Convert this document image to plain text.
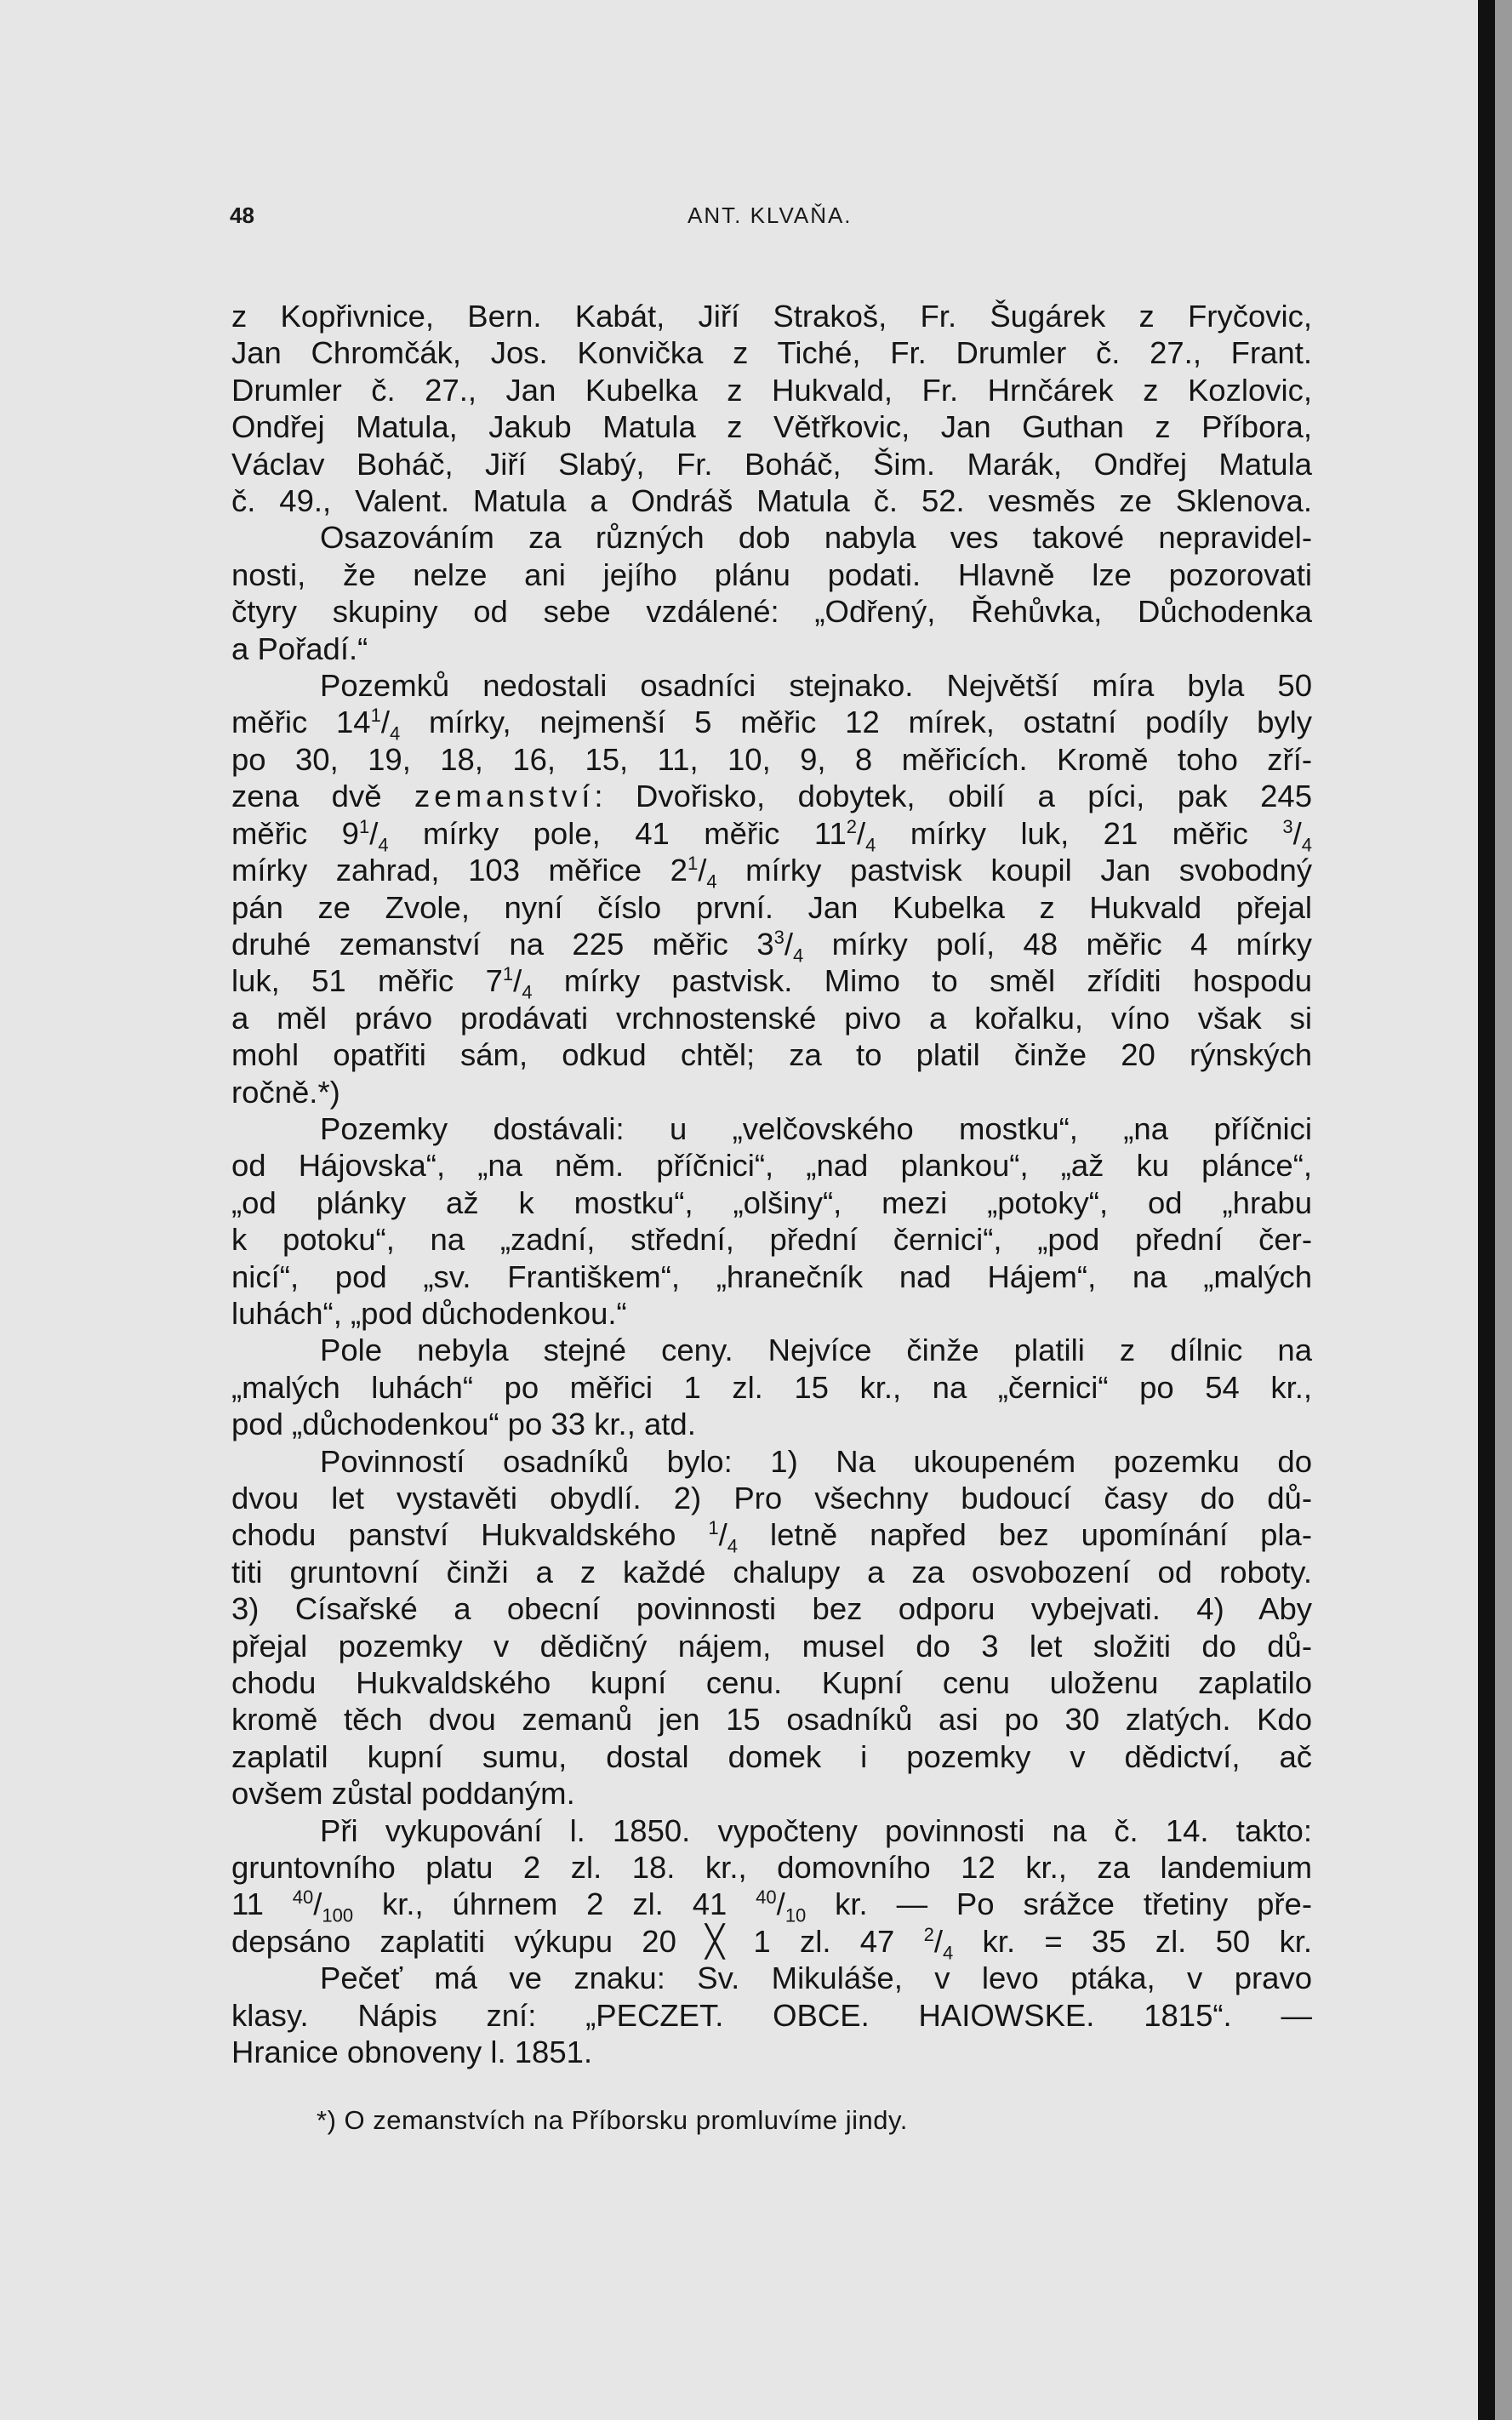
48	ANT. KLVAŇA.

z Kopřivnice, Bern. Kabát, Jiří Strakoš, Fr. Šugárek z Fryčovic,

Jan Chromčák, Jos. Konvička z Tiché, Fr. Drumler č. 27., Frant.

Drumler č. 27., Jan Kubelka z Hukvald, Fr. Hrnčárek z Kozlovic,

Ondřej Matula, Jakub Matula z Větřkovic, Jan Guthan z Příbora,

Václav Boháč, Jiří Slabý, Fr. Boháč, Šim. Marák, Ondřej Matula

č. 49., Valent. Matula a Ondráš Matula č. 52. vesměs ze Sklenova.

Osazováním za různých dob nabyla ves takové nepravidel-

nosti, že nelze ani jejího plánu podati. Hlavně lze pozorovati

čtyry skupiny od sebe vzdálené: „Odřený, Řehůvka, Důchodenka

a Pořadí.“

Pozemků nedostali osadníci stejnako. Největší míra byla 50

měřic $14^1/_4$ mírky, nejmenší 5 měřic 12 mírek, ostatní podíly byly

po 30, 19, 18, 16, 15, 11, 10, 9, 8 měřicích. Kromě toho zří-

zena dvě zemanství: Dvořisko, dobytek, obilí a píci, pak 245

měřic $9^1/_4$ mírky pole, 41 měřic $11^2/_4$ mírky luk, 21 měřic $^3/_4$

mírky zahrad, 103 měřice $2^1/_4$ mírky pastvisk koupil Jan svobodný

pán ze Zvole, nyní číslo první. Jan Kubelka z Hukvald přejal

druhé zemanství na 225 měřic $3^3/_4$ mírky polí, 48 měřic 4 mírky

luk, 51 měřic $7^1/_4$ mírky pastvisk. Mimo to směl zříditi hospodu

a měl právo prodávati vrchnostenské pivo a kořalku, víno však si

mohl opatřiti sám, odkud chtěl; za to platil činže 20 rýnských

ročně.*)

Pozemky dostávali: u „velčovského mostku“, „na příčnici

od Hájovska“, „na něm. příčnici“, „nad plankou“, „až ku plánce“,

„od plánky až k mostku“, „olšiny“, mezi „potoky“, od „hrabu

k potoku“, na „zadní, střední, přední černici“, „pod přední čer-

nicí“, pod „sv. Františkem“, „hranečník nad Hájem“, na „malých

luhách“, „pod důchodenkou.“

Pole nebyla stejné ceny. Nejvíce činže platili z dílnic na

„malých luhách“ po měřici 1 zl. 15 kr., na „černici“ po 54 kr.,

pod „důchodenkou“ po 33 kr., atd.

Povinností osadníků bylo: 1) Na ukoupeném pozemku do

dvou let vystavěti obydlí. 2) Pro všechny budoucí časy do dů-

chodu panství Hukvaldského $^1/_4$ letně napřed bez upomínání pla-

titi gruntovní činži a z každé chalupy a za osvobození od roboty.

3) Císařské a obecní povinnosti bez odporu vybejvati. 4) Aby

přejal pozemky v dědičný nájem, musel do 3 let složiti do dů-

chodu Hukvaldského kupní cenu. Kupní cenu uloženu zaplatilo

kromě těch dvou zemanů jen 15 osadníků asi po 30 zlatých. Kdo

zaplatil kupní sumu, dostal domek i pozemky v dědictví, ač

ovšem zůstal poddaným.

Při vykupování l. 1850. vypočteny povinnosti na č. 14. takto:

gruntovního platu 2 zl. 18. kr., domovního 12 kr., za landemium

11 $^{40}/_{100}$ kr., úhrnem 2 zl. 41 $^{40}/_{10}$ kr. — Po srážce třetiny pře-

depsáno zaplatiti výkupu 20 ╳ 1 zl. 47 $^2/_4$ kr. = 35 zl. 50 kr.

Pečeť má ve znaku: Sv. Mikuláše, v levo ptáka, v pravo

klasy. Nápis zní: „PECZET. OBCE. HAIOWSKE. 1815“. —

Hranice obnoveny l. 1851.

*) O zemanstvích na Příborsku promluvíme jindy.
